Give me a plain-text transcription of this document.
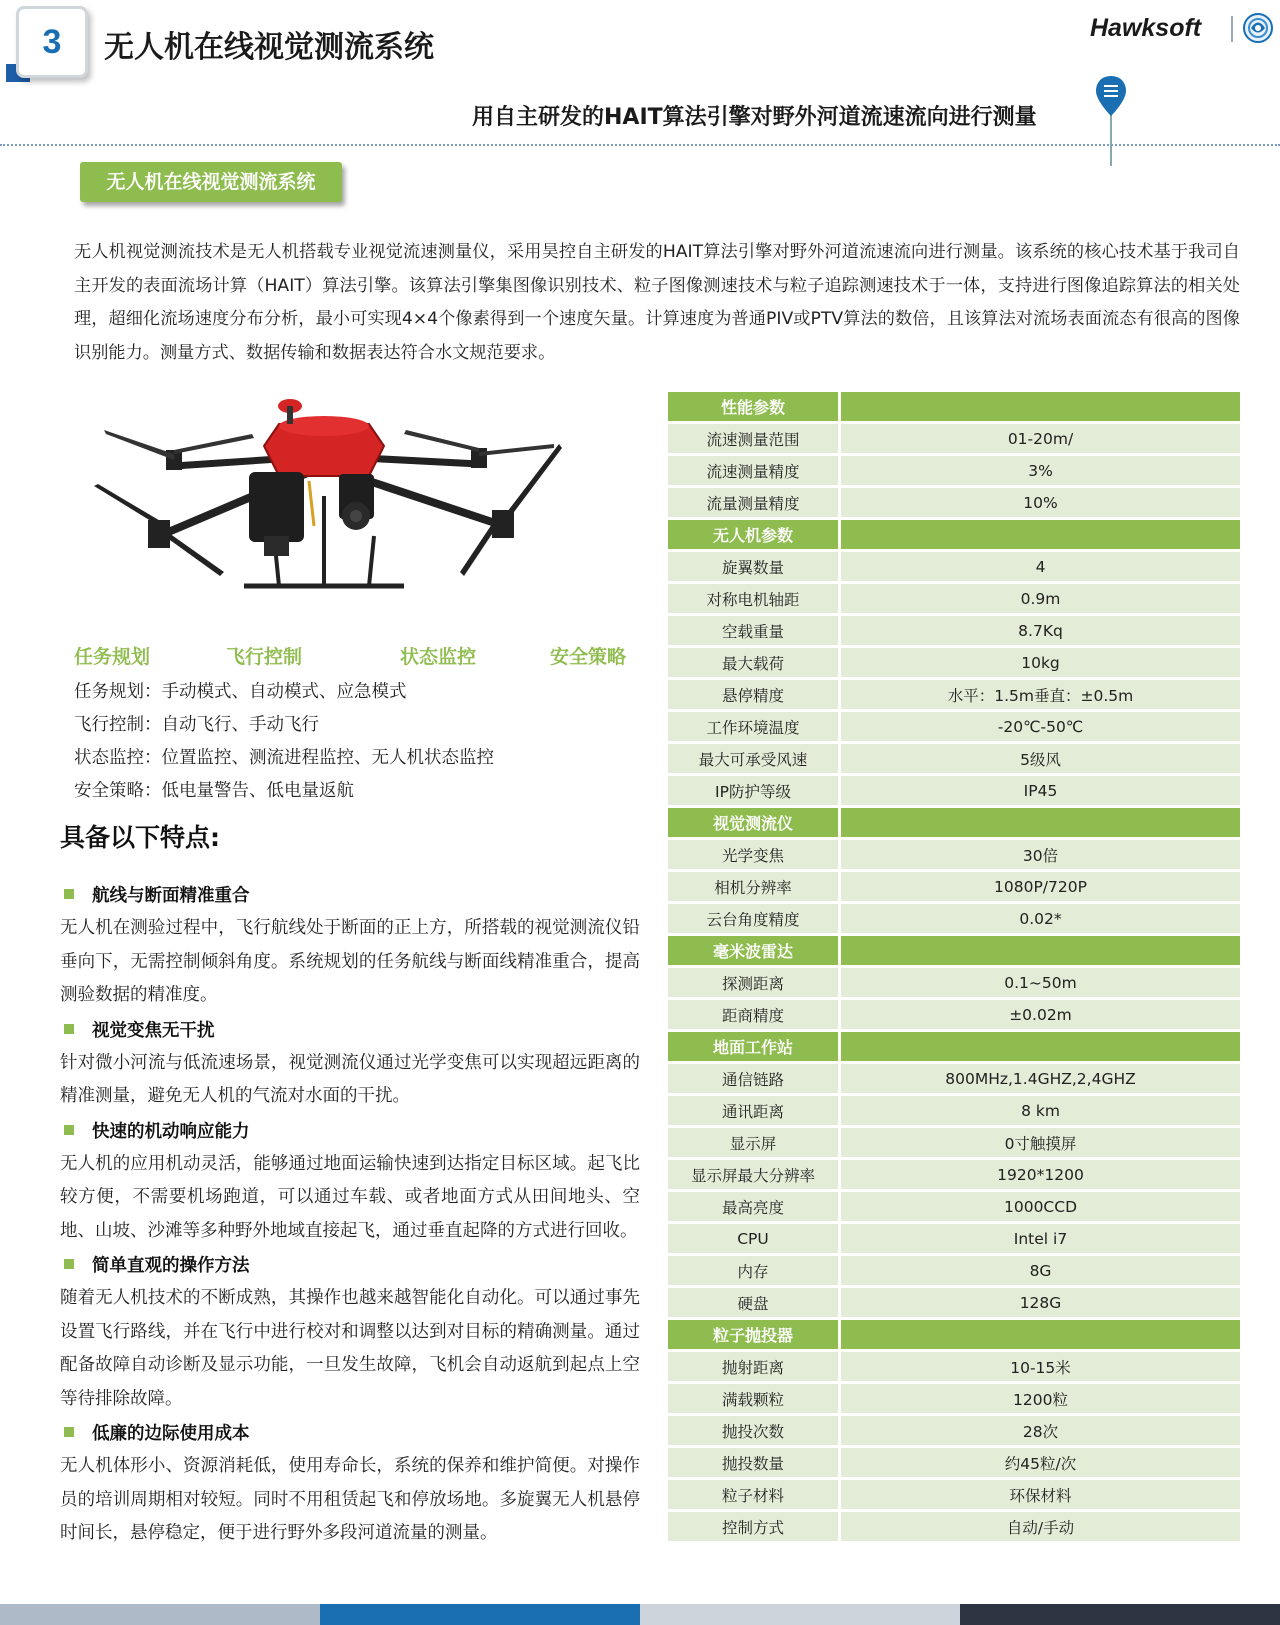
3	无人机在线视觉测流系统
Hawksoft
用自主研发的HAIT算法引擎对野外河道流速流向进行测量
无人机在线视觉测流系统

无人机视觉测流技术是无人机搭载专业视觉流速测量仪，采用昊控自主研发的HAIT算法引擎对野外河道流速流向进行测量。该系统的核心技术基于我司自主开发的表面流场计算（HAIT）算法引擎。该算法引擎集图像识别技术、粒子图像测速技术与粒子追踪测速技术于一体，支持进行图像追踪算法的相关处理，超细化流场速度分布分析，最小可实现4×4个像素得到一个速度矢量。计算速度为普通PIV或PTV算法的数倍，且该算法对流场表面流态有很高的图像识别能力。测量方式、数据传输和数据表达符合水文规范要求。

任务规划	飞行控制	状态监控	安全策略
任务规划：手动模式、自动模式、应急模式
飞行控制：自动飞行、手动飞行
状态监控：位置监控、测流进程监控、无人机状态监控
安全策略：低电量警告、低电量返航
具备以下特点:
航线与断面精准重合

无人机在测验过程中，飞行航线处于断面的正上方，所搭载的视觉测流仪铅垂向下，无需控制倾斜角度。系统规划的任务航线与断面线精准重合，提高测验数据的精准度。

视觉变焦无干扰

针对微小河流与低流速场景，视觉测流仪通过光学变焦可以实现超远距离的精准测量，避免无人机的气流对水面的干扰。

快速的机动响应能力

无人机的应用机动灵活，能够通过地面运输快速到达指定目标区域。起飞比较方便，不需要机场跑道，可以通过车载、或者地面方式从田间地头、空地、山坡、沙滩等多种野外地域直接起飞，通过垂直起降的方式进行回收。

简单直观的操作方法

随着无人机技术的不断成熟，其操作也越来越智能化自动化。可以通过事先设置飞行路线，并在飞行中进行校对和调整以达到对目标的精确测量。通过配备故障自动诊断及显示功能，一旦发生故障，飞机会自动返航到起点上空等待排除故障。

低廉的边际使用成本

无人机体形小、资源消耗低，使用寿命长，系统的保养和维护简便。对操作员的培训周期相对较短。同时不用租赁起飞和停放场地。多旋翼无人机悬停时间长，悬停稳定，便于进行野外多段河道流量的测量。

性能参数	
流速测量范围	01-20m/
流速测量精度	3%
流量测量精度	10%
无人机参数	
旋翼数量	4
对称电机轴距	0.9m
空载重量	8.7Kq
最大载荷	10kg
悬停精度	水平：1.5m垂直：±0.5m
工作环境温度	-20℃-50℃
最大可承受风速	5级风
IP防护等级	IP45
视觉测流仪	
光学变焦	30倍
相机分辨率	1080P/720P
云台角度精度	0.02*
毫米波雷达	
探测距离	0.1~50m
距商精度	±0.02m
地面工作站	
通信链路	800MHz,1.4GHZ,2,4GHZ
通讯距离	8 km
显示屏	0寸触摸屏
显示屏最大分辨率	1920*1200
最高亮度	1000CCD
CPU	Intel i7
内存	8G
硬盘	128G
粒子抛投器	
抛射距离	10-15米
满载颗粒	1200粒
抛投次数	28次
抛投数量	约45粒/次
粒子材料	环保材料
控制方式	自动/手动
